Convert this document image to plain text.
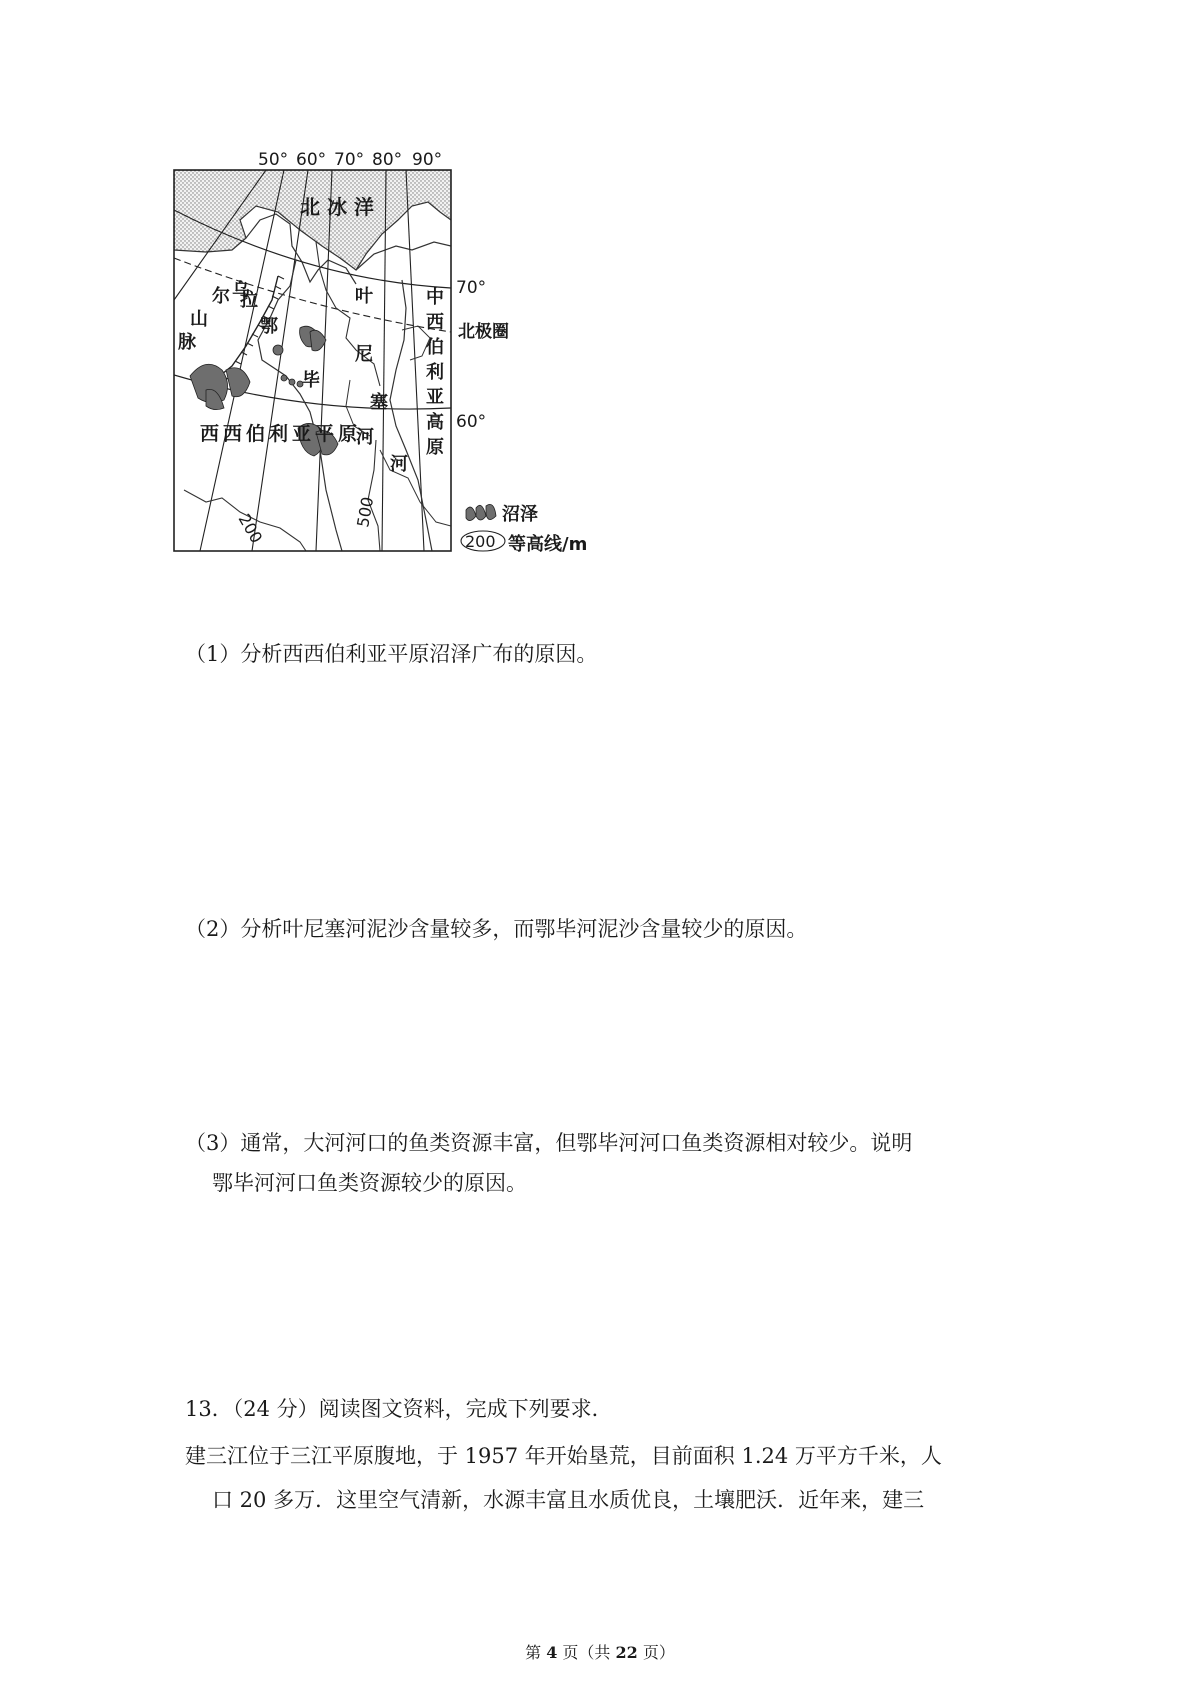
50° 60° 70° 80° 90°
70°
60°
北极圈
北 冰 洋
乌
拉
尔
山
脉
鄂
毕
河
叶
尼
塞
河
中
西
伯
利
亚
高
原
西西伯利亚平原
200	500	沼泽
200 等高线/m

（1）分析西西伯利亚平原沼泽广布的原因。

（2）分析叶尼塞河泥沙含量较多，而鄂毕河泥沙含量较少的原因。

（3）通常，大河河口的鱼类资源丰富，但鄂毕河河口鱼类资源相对较少。说明
鄂毕河河口鱼类资源较少的原因。

13．（24 分）阅读图文资料，完成下列要求．

建三江位于三江平原腹地，于 1957 年开始垦荒，目前面积 1.24 万平方千米，人
口 20 多万．这里空气清新，水源丰富且水质优良，土壤肥沃．近年来，建三

第 4 页（共 22 页）
